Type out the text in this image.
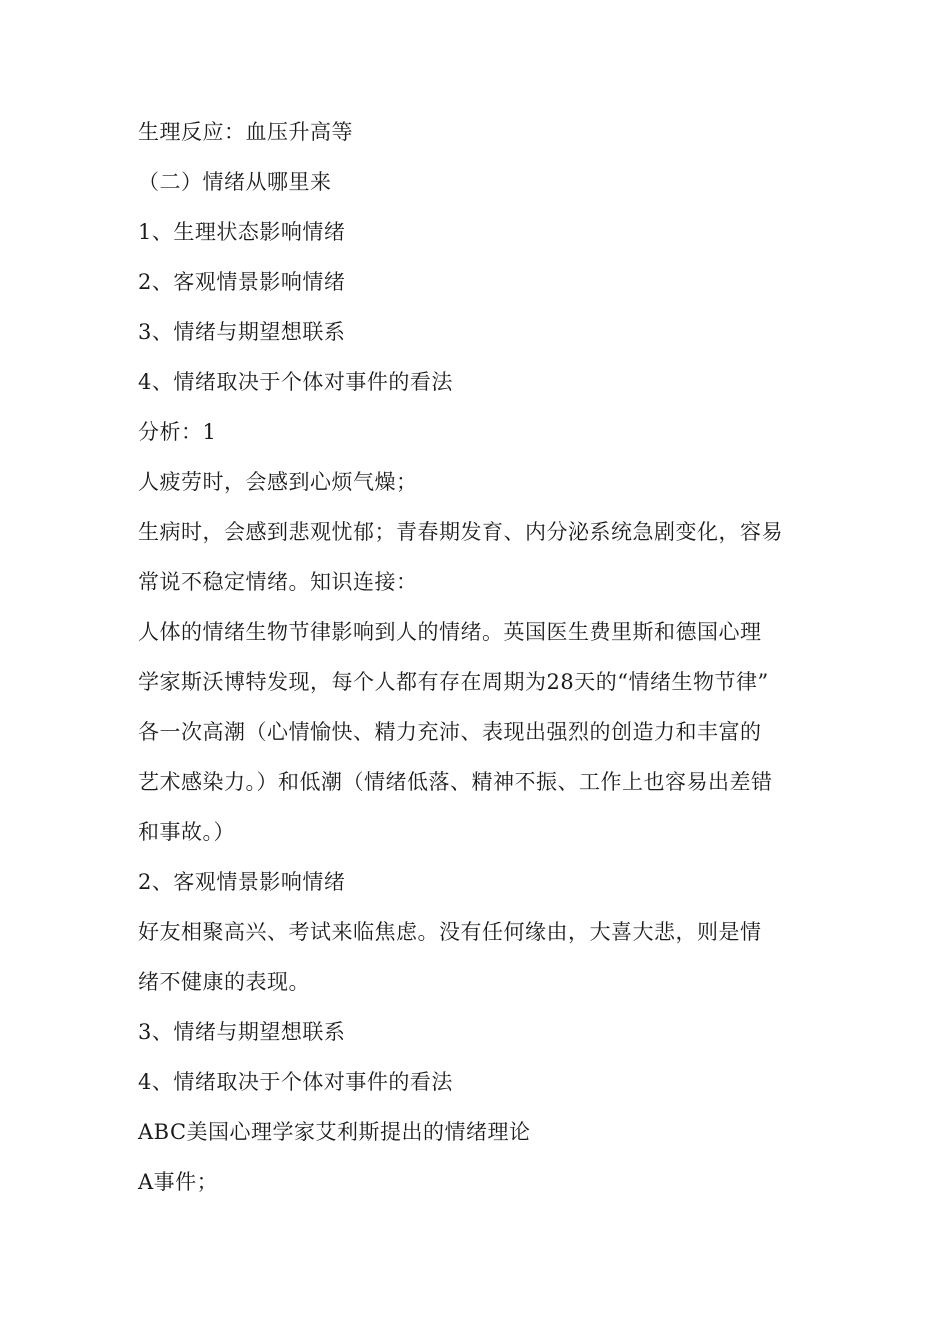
生理反应：血压升高等
（二）情绪从哪里来
1、生理状态影响情绪
2、客观情景影响情绪
3、情绪与期望想联系
4、情绪取决于个体对事件的看法
分析：1
人疲劳时，会感到心烦气燥；
生病时，会感到悲观忧郁；青春期发育、内分泌系统急剧变化，容易
常说不稳定情绪。知识连接：
人体的情绪生物节律影响到人的情绪。英国医生费里斯和德国心理
学家斯沃博特发现，每个人都有存在周期为28天的“情绪生物节律”
各一次高潮（心情愉快、精力充沛、表现出强烈的创造力和丰富的
艺术感染力。）和低潮（情绪低落、精神不振、工作上也容易出差错
和事故。）
2、客观情景影响情绪
好友相聚高兴、考试来临焦虑。没有任何缘由，大喜大悲，则是情
绪不健康的表现。
3、情绪与期望想联系
4、情绪取决于个体对事件的看法
ABC美国心理学家艾利斯提出的情绪理论
A事件；
